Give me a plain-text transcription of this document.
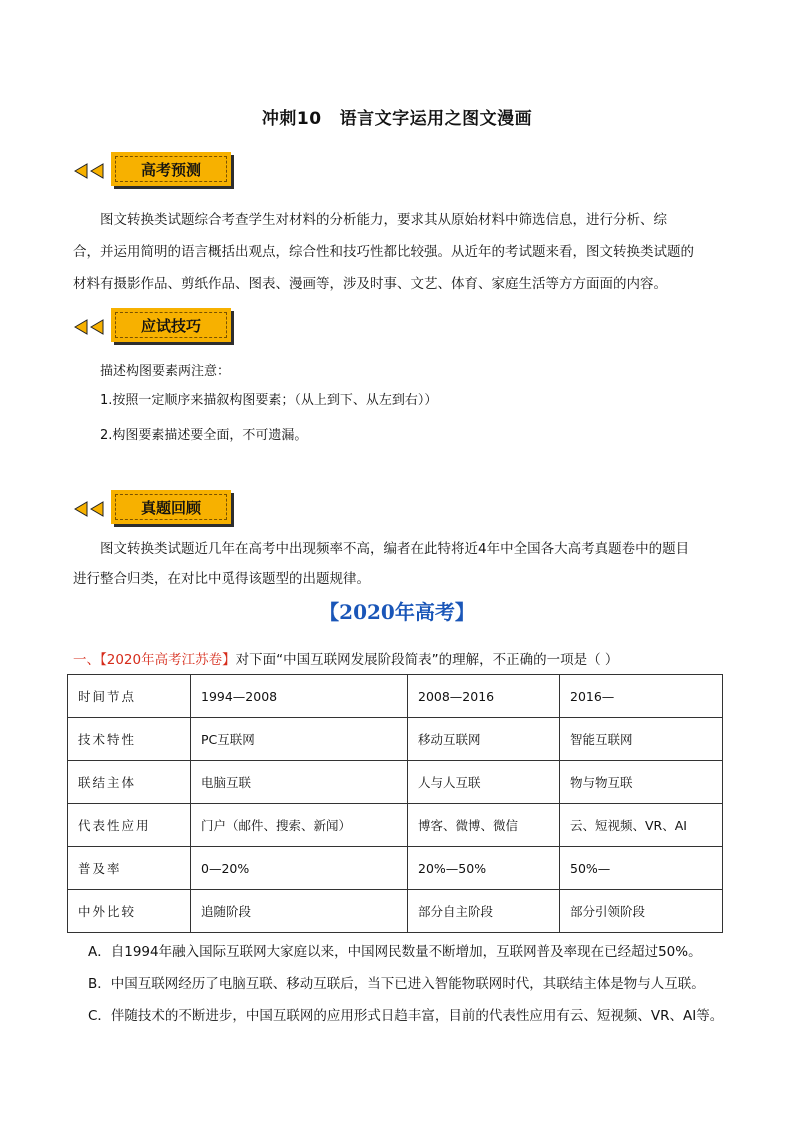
冲刺10 语言文字运用之图文漫画
高考预测
图文转换类试题综合考查学生对材料的分析能力，要求其从原始材料中筛选信息，进行分析、综
合，并运用简明的语言概括出观点，综合性和技巧性都比较强。从近年的考试题来看，图文转换类试题的
材料有摄影作品、剪纸作品、图表、漫画等，涉及时事、文艺、体育、家庭生活等方方面面的内容。
应试技巧
描述构图要素两注意：
1.按照一定顺序来描叙构图要素；（从上到下、从左到右））
2.构图要素描述要全面，不可遗漏。
真题回顾
图文转换类试题近几年在高考中出现频率不高，编者在此特将近4年中全国各大高考真题卷中的题目
进行整合归类，在对比中觅得该题型的出题规律。
【2020年高考】
一、【2020年高考江苏卷】对下面“中国互联网发展阶段简表”的理解，不正确的一项是（ ）
时间节点	1994—2008	2008—2016	2016—
技术特性	PC互联网	移动互联网	智能互联网
联结主体	电脑互联	人与人互联	物与物互联
代表性应用	门户（邮件、搜索、新闻）	博客、微博、微信	云、短视频、VR、AI
普及率	0—20%	20%—50%	50%—
中外比较	追随阶段	部分自主阶段	部分引领阶段
A．自1994年融入国际互联网大家庭以来，中国网民数量不断增加，互联网普及率现在已经超过50%。
B．中国互联网经历了电脑互联、移动互联后，当下已进入智能物联网时代，其联结主体是物与人互联。
C．伴随技术的不断进步，中国互联网的应用形式日趋丰富，目前的代表性应用有云、短视频、VR、AI等。
